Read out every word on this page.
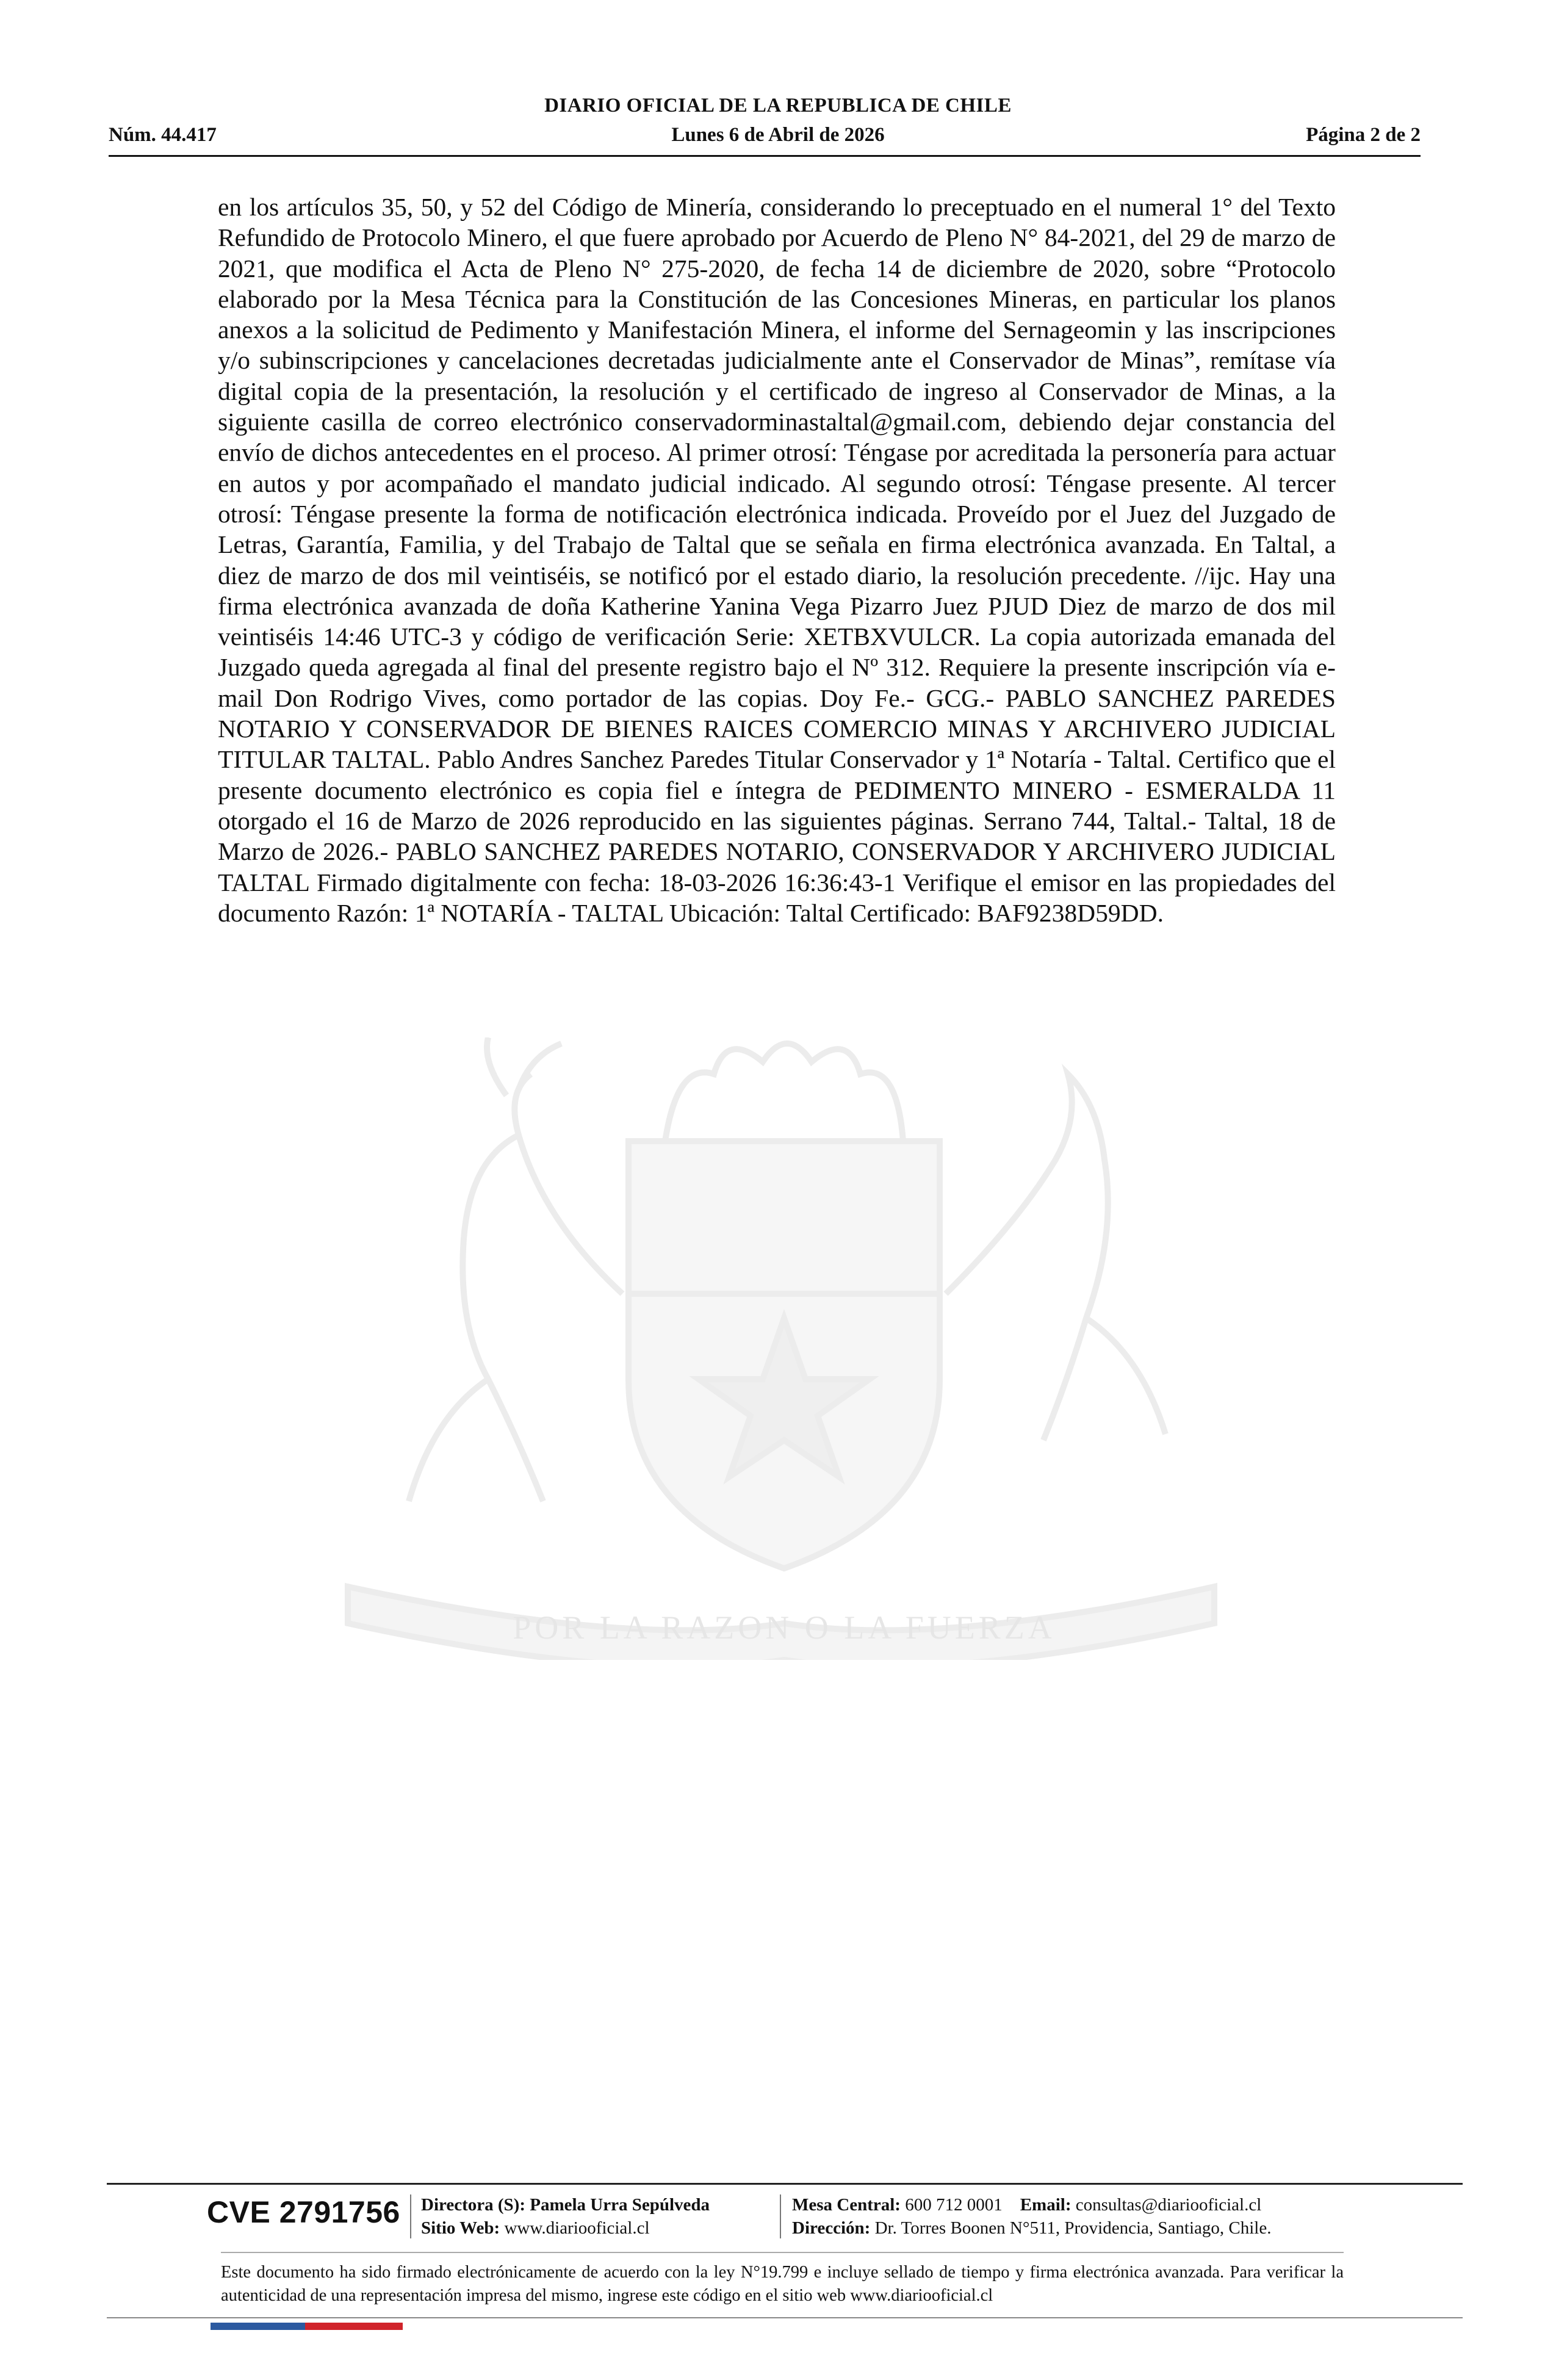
DIARIO OFICIAL DE LA REPUBLICA DE CHILE
Núm. 44.417	Lunes 6 de Abril de 2026	Página 2 de 2
POR LA RAZON O LA FUERZA

en los artículos 35, 50, y 52 del Código de Minería, considerando lo preceptuado en el numeral 1° del Texto Refundido de Protocolo Minero, el que fuere aprobado por Acuerdo de Pleno N° 84-2021, del 29 de marzo de 2021, que modifica el Acta de Pleno N° 275-2020, de fecha 14 de diciembre de 2020, sobre “Protocolo elaborado por la Mesa Técnica para la Constitución de las Concesiones Mineras, en particular los planos anexos a la solicitud de Pedimento y Manifestación Minera, el informe del Sernageomin y las inscripciones y/o subinscripciones y cancelaciones decretadas judicialmente ante el Conservador de Minas”, remítase vía digital copia de la presentación, la resolución y el certificado de ingreso al Conservador de Minas, a la siguiente casilla de correo electrónico conservadorminastaltal@gmail.com, debiendo dejar constancia del envío de dichos antecedentes en el proceso. Al primer otrosí: Téngase por acreditada la personería para actuar en autos y por acompañado el mandato judicial indicado. Al segundo otrosí: Téngase presente. Al tercer otrosí: Téngase presente la forma de notificación electrónica indicada. Proveído por el Juez del Juzgado de Letras, Garantía, Familia, y del Trabajo de Taltal que se señala en firma electrónica avanzada. En Taltal, a diez de marzo de dos mil veintiséis, se notificó por el estado diario, la resolución precedente. //ijc. Hay una firma electrónica avanzada de doña Katherine Yanina Vega Pizarro Juez PJUD Diez de marzo de dos mil veintiséis 14:46 UTC-3 y código de verificación Serie: XETBXVULCR. La copia autorizada emanada del Juzgado queda agregada al final del presente registro bajo el Nº 312. Requiere la presente inscripción vía e-mail Don Rodrigo Vives, como portador de las copias. Doy Fe.- GCG.- PABLO SANCHEZ PAREDES NOTARIO Y CONSERVADOR DE BIENES RAICES COMERCIO MINAS Y ARCHIVERO JUDICIAL TITULAR TALTAL. Pablo Andres Sanchez Paredes Titular Conservador y 1ª Notaría - Taltal. Certifico que el presente documento electrónico es copia fiel e íntegra de PEDIMENTO MINERO - ESMERALDA 11 otorgado el 16 de Marzo de 2026 reproducido en las siguientes páginas. Serrano 744, Taltal.- Taltal, 18 de Marzo de 2026.- PABLO SANCHEZ PAREDES NOTARIO, CONSERVADOR Y ARCHIVERO JUDICIAL TALTAL Firmado digitalmente con fecha: 18-03-2026 16:36:43-1 Verifique el emisor en las propiedades del documento Razón: 1ª NOTARÍA - TALTAL Ubicación: Taltal Certificado: BAF9238D59DD.

CVE 2791756 Directora (S): Pamela Urra Sepúlveda
Sitio Web: www.diariooficial.cl
Mesa Central: 600 712 0001 Email: consultas@diariooficial.cl
Dirección: Dr. Torres Boonen N°511, Providencia, Santiago, Chile.

Este documento ha sido firmado electrónicamente de acuerdo con la ley N°19.799 e incluye sellado de tiempo y firma electrónica avanzada. Para verificar la autenticidad de una representación impresa del mismo, ingrese este código en el sitio web www.diariooficial.cl
